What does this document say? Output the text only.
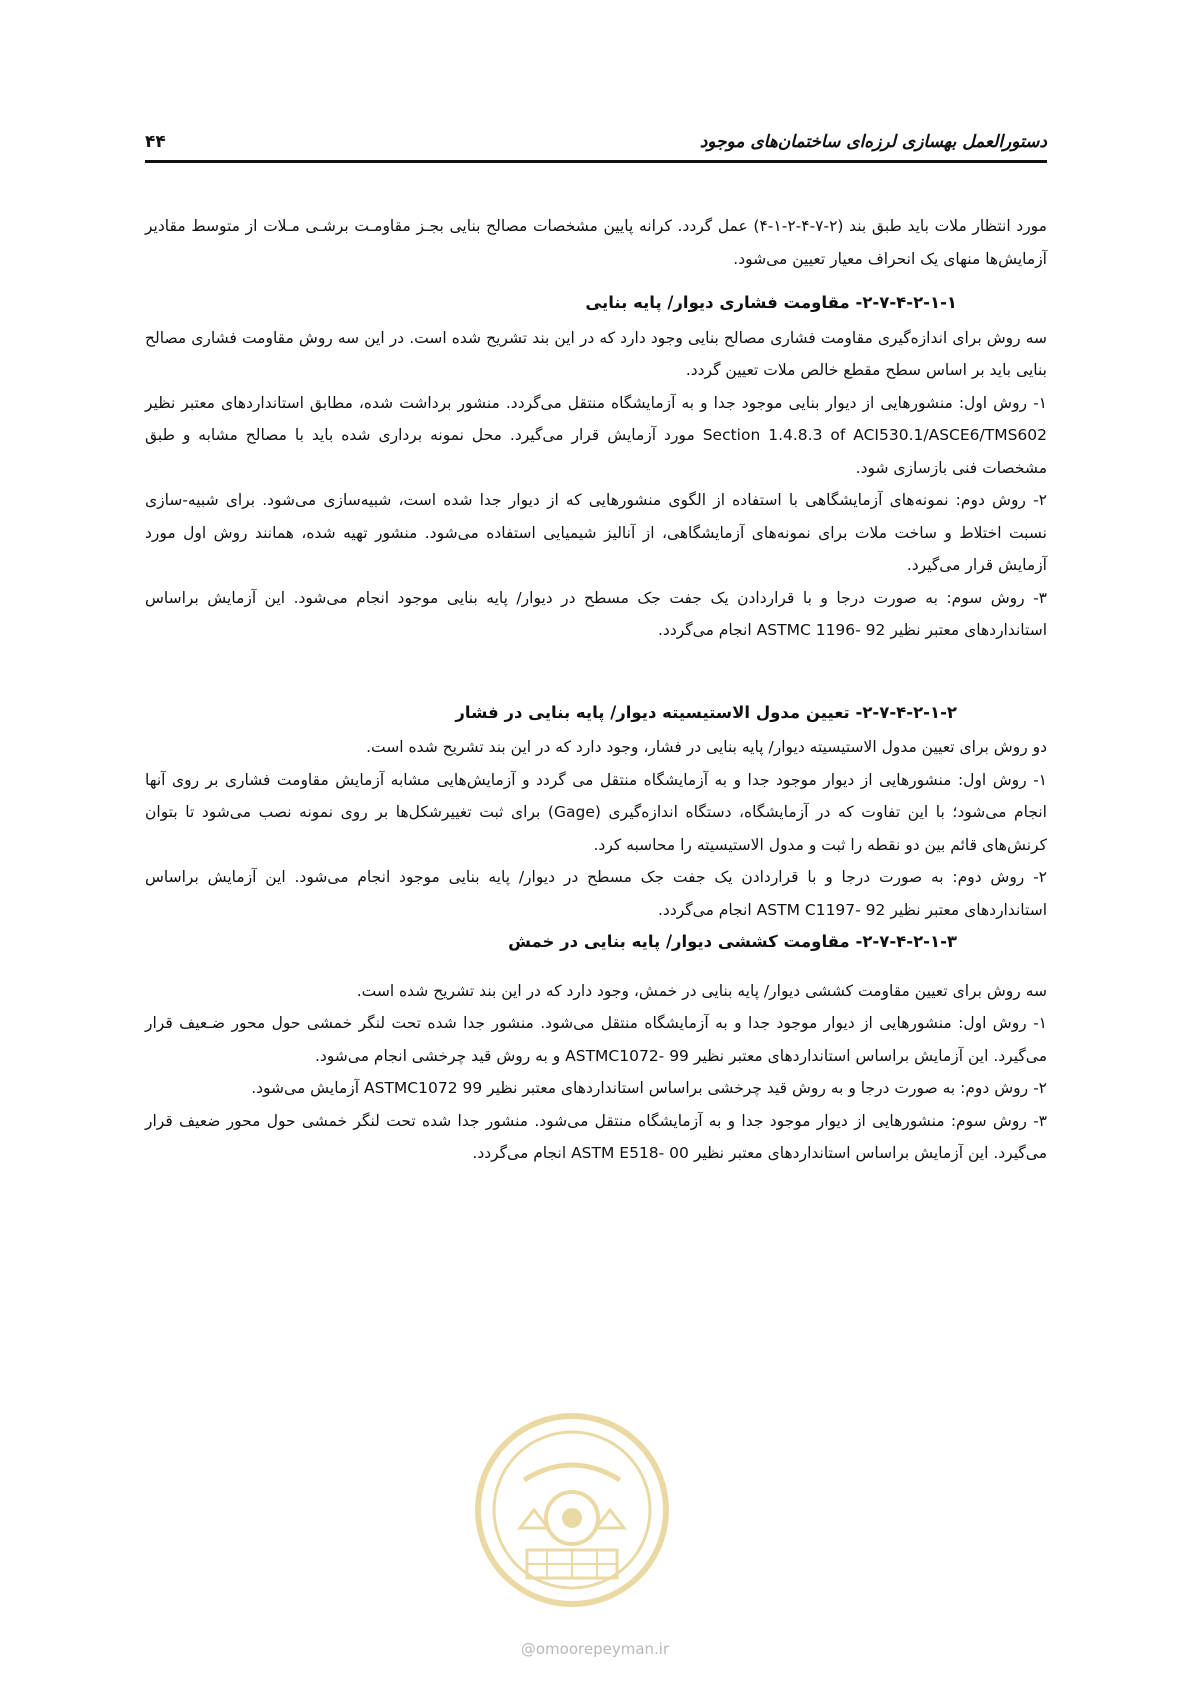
۴۴	دستورالعمل بهسازی لرزه‌ای ساختمان‌های موجود

مورد انتظار ملات باید طبق بند (۲-۷-۴-۲-۱-۴) عمل گردد. کرانه پایین مشخصات مصالح بنایی بجـز مقاومـت برشـی مـلات از متوسط مقادیر آزمایش‌ها منهای یک انحراف معیار تعیین می‌شود.

۲-۷-۴-۲-۱-۱- مقاومت فشاری دیوار/ پایه بنایی

سه روش برای اندازه‌گیری مقاومت فشاری مصالح بنایی وجود دارد که در این بند تشریح شده است. در این سه روش مقاومت فشاری مصالح بنایی باید بر اساس سطح مقطع خالص ملات تعیین گردد.

۱- روش اول: منشورهایی از دیوار بنایی موجود جدا و به آزمایشگاه منتقل می‌گردد. منشور برداشت شده، مطابق استانداردهای معتبر نظیر Section 1.4.8.3 of ACI530.1/ASCE6/TMS602 مورد آزمایش قرار می‌گیرد. محل نمونه برداری شده باید با مصالح مشابه و طبق مشخصات فنی بازسازی شود.

۲- روش دوم: نمونه‌های آزمایشگاهی با استفاده از الگوی منشورهایی که از دیوار جدا شده است، شبیه‌سازی می‌شود. برای شبیه-سازی نسبت اختلاط و ساخت ملات برای نمونه‌های آزمایشگاهی، از آنالیز شیمیایی استفاده می‌شود. منشور تهیه شده، همانند روش اول مورد آزمایش قرار می‌گیرد.

۳- روش سوم: به صورت درجا و با قراردادن یک جفت جک مسطح در دیوار/ پایه بنایی موجود انجام می‌شود. این آزمایش براساس استانداردهای معتبر نظیر ASTMC 1196- 92 انجام می‌گردد.

۲-۷-۴-۲-۱-۲- تعیین مدول الاستیسیته دیوار/ پایه بنایی در فشار

دو روش برای تعیین مدول الاستیسیته دیوار/ پایه بنایی در فشار، وجود دارد که در این بند تشریح شده است.

۱- روش اول: منشورهایی از دیوار موجود جدا و به آزمایشگاه منتقل می گردد و آزمایش‌هایی مشابه آزمایش مقاومت فشاری بر روی آنها انجام می‌شود؛ با این تفاوت که در آزمایشگاه، دستگاه اندازه‌گیری (Gage) برای ثبت تغییرشکل‌ها بر روی نمونه نصب می‌شود تا بتوان کرنش‌های قائم بین دو نقطه را ثبت و مدول الاستیسیته را محاسبه کرد.

۲- روش دوم: به صورت درجا و با قراردادن یک جفت جک مسطح در دیوار/ پایه بنایی موجود انجام می‌شود. این آزمایش براساس استانداردهای معتبر نظیر ASTM C1197- 92 انجام می‌گردد.

۲-۷-۴-۲-۱-۳- مقاومت کششی دیوار/ پایه بنایی در خمش

سه روش برای تعیین مقاومت کششی دیوار/ پایه بنایی در خمش، وجود دارد که در این بند تشریح شده است.

۱- روش اول: منشورهایی از دیوار موجود جدا و به آزمایشگاه منتقل می‌شود. منشور جدا شده تحت لنگر خمشی حول محور ضـعیف قرار می‌گیرد. این آزمایش براساس استانداردهای معتبر نظیر ASTMC1072- 99 و به روش قید چرخشی انجام می‌شود.

۲- روش دوم: به صورت درجا و به روش قید چرخشی براساس استانداردهای معتبر نظیر ASTMC1072 99 آزمایش می‌شود.

۳- روش سوم: منشورهایی از دیوار موجود جدا و به آزمایشگاه منتقل می‌شود. منشور جدا شده تحت لنگر خمشی حول محور ضعیف قرار می‌گیرد. این آزمایش براساس استانداردهای معتبر نظیر ASTM E518- 00 انجام می‌گردد.

@omoorepeyman.ir
